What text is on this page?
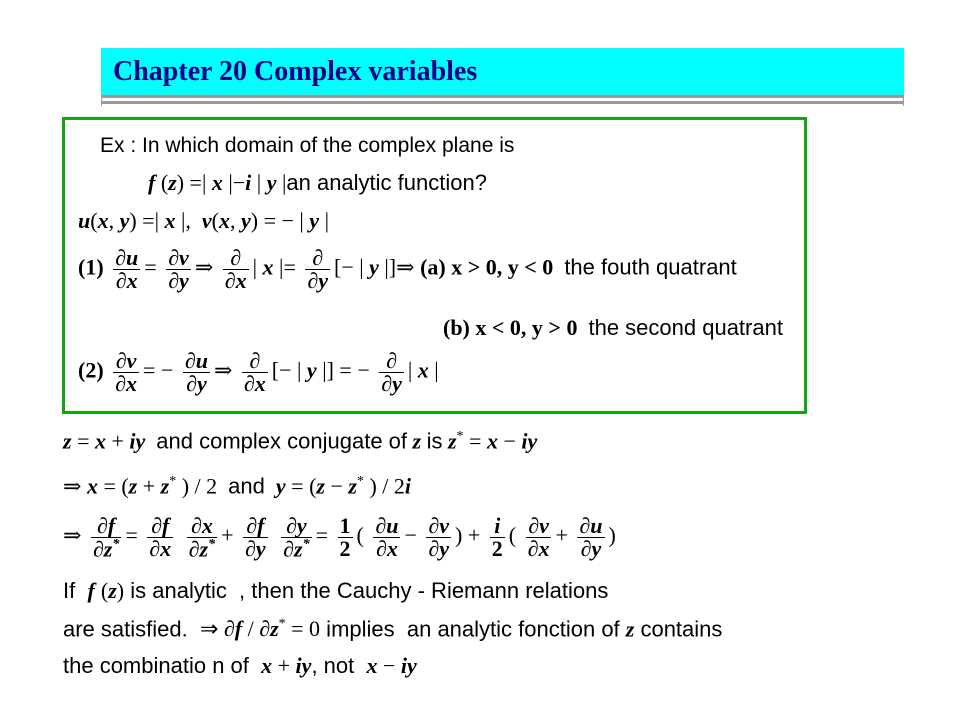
Chapter 20 Complex variables
Ex : In which domain of the complex plane is
f (z) =| x |−i | y |an analytic function?
u(x, y) =| x |,  v(x, y) = − | y |
$(1) \frac{\partial u}{\partial x} = \frac{\partial v}{\partial y}$ ⇒ $\frac{\partial}{\partial x}$ | x |= $\frac{\partial}{\partial y}$ [− | y |]⇒ (a) x > 0, y < 0 the fouth quatrant
(b) x < 0, y > 0 the second quatrant
$(2) \frac{\partial v}{\partial x}$ = − $\frac{\partial u}{\partial y}$ ⇒ $\frac{\partial}{\partial x}$ [− | y |] = − $\frac{\partial}{\partial y}$ | x |
z = x + iy and complex conjugate of z is z* = x − iy
⇒ x = (z + z* ) / 2  and y = (z − z* ) / 2i
⇒ $\frac{\partial f}{\partial z^*} = \frac{\partial f}{\partial x}$
$\frac{\partial x}{\partial z^*} + \frac{\partial f}{\partial y}$
$\frac{\partial y}{\partial z^*} = \frac{1}{2}$ ( $\frac{\partial u}{\partial x} - \frac{\partial v}{\partial y}$ ) + $\frac{i}{2}$ ( $\frac{\partial v}{\partial x} + \frac{\partial u}{\partial y}$ )
If  f (z) is analytic  , then the Cauchy - Riemann relations
are satisfied.  ⇒ ∂f / ∂z* = 0 implies  an analytic fonction of z contains
the combinatio n of  x + iy, not  x − iy
